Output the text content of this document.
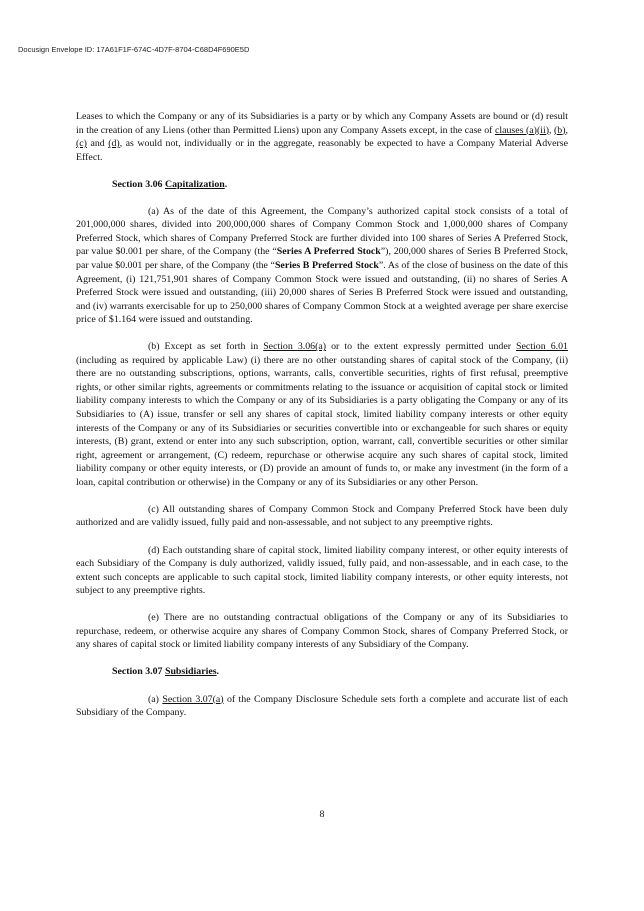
Docusign Envelope ID: 17A61F1F-674C-4D7F-8704-C68D4F690E5D

Leases to which the Company or any of its Subsidiaries is a party or by which any Company Assets are bound or (d) result in the creation of any Liens (other than Permitted Liens) upon any Company Assets except, in the case of clauses (a)(ii), (b), (c) and (d), as would not, individually or in the aggregate, reasonably be expected to have a Company Material Adverse Effect.

Section 3.06 Capitalization.

(a) As of the date of this Agreement, the Company’s authorized capital stock consists of a total of 201,000,000 shares, divided into 200,000,000 shares of Company Common Stock and 1,000,000 shares of Company Preferred Stock, which shares of Company Preferred Stock are further divided into 100 shares of Series A Preferred Stock, par value $0.001 per share, of the Company (the “Series A Preferred Stock”), 200,000 shares of Series B Preferred Stock, par value $0.001 per share, of the Company (the “Series B Preferred Stock”. As of the close of business on the date of this Agreement, (i) 121,751,901 shares of Company Common Stock were issued and outstanding, (ii) no shares of Series A Preferred Stock were issued and outstanding, (iii) 20,000 shares of Series B Preferred Stock were issued and outstanding, and (iv) warrants exercisable for up to 250,000 shares of Company Common Stock at a weighted average per share exercise price of $1.164 were issued and outstanding.

(b) Except as set forth in Section 3.06(a) or to the extent expressly permitted under Section 6.01 (including as required by applicable Law) (i) there are no other outstanding shares of capital stock of the Company, (ii) there are no outstanding subscriptions, options, warrants, calls, convertible securities, rights of first refusal, preemptive rights, or other similar rights, agreements or commitments relating to the issuance or acquisition of capital stock or limited liability company interests to which the Company or any of its Subsidiaries is a party obligating the Company or any of its Subsidiaries to (A) issue, transfer or sell any shares of capital stock, limited liability company interests or other equity interests of the Company or any of its Subsidiaries or securities convertible into or exchangeable for such shares or equity interests, (B) grant, extend or enter into any such subscription, option, warrant, call, convertible securities or other similar right, agreement or arrangement, (C) redeem, repurchase or otherwise acquire any such shares of capital stock, limited liability company or other equity interests, or (D) provide an amount of funds to, or make any investment (in the form of a loan, capital contribution or otherwise) in the Company or any of its Subsidiaries or any other Person.

(c) All outstanding shares of Company Common Stock and Company Preferred Stock have been duly authorized and are validly issued, fully paid and non-assessable, and not subject to any preemptive rights.

(d) Each outstanding share of capital stock, limited liability company interest, or other equity interests of each Subsidiary of the Company is duly authorized, validly issued, fully paid, and non-assessable, and in each case, to the extent such concepts are applicable to such capital stock, limited liability company interests, or other equity interests, not subject to any preemptive rights.

(e) There are no outstanding contractual obligations of the Company or any of its Subsidiaries to repurchase, redeem, or otherwise acquire any shares of Company Common Stock, shares of Company Preferred Stock, or any shares of capital stock or limited liability company interests of any Subsidiary of the Company.

Section 3.07 Subsidiaries.

(a) Section 3.07(a) of the Company Disclosure Schedule sets forth a complete and accurate list of each Subsidiary of the Company.

8
